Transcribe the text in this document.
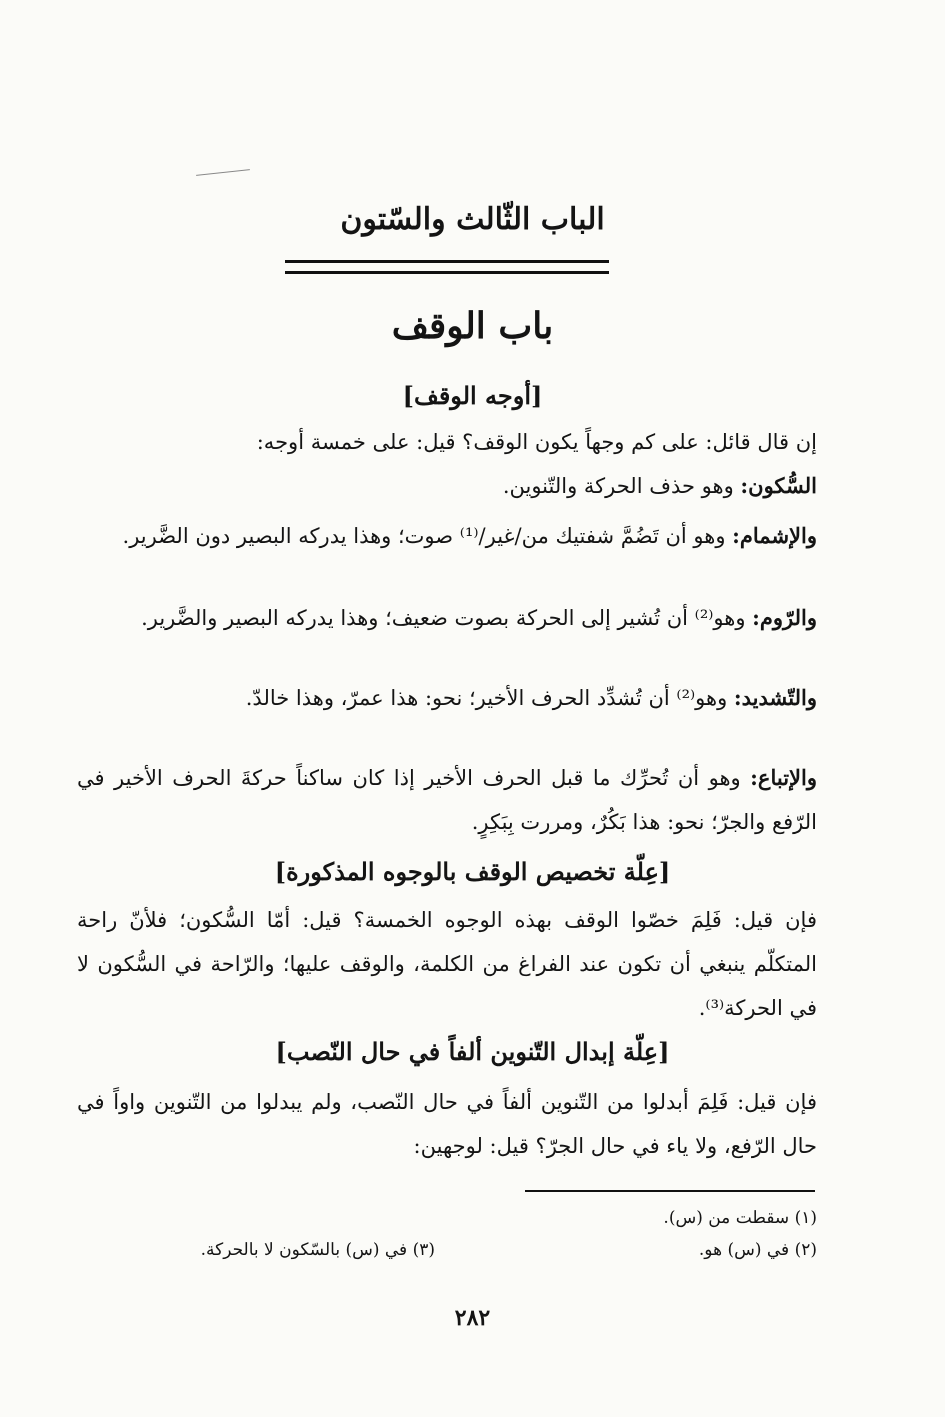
الباب الثّالث والسّتون
باب الوقف
[أوجه الوقف]

إن قال قائل: على كم وجهاً يكون الوقف؟ قيل: على خمسة أوجه:

السُّكون: وهو حذف الحركة والتّنوين.

والإشمام: وهو أن تَضُمَّ شفتيك من/غير/⁽¹⁾ صوت؛ وهذا يدركه البصير دون الضَّرير.

والرّوم: وهو⁽²⁾ أن تُشير إلى الحركة بصوت ضعيف؛ وهذا يدركه البصير والضَّرير.

والتّشديد: وهو⁽²⁾ أن تُشدِّد الحرف الأخير؛ نحو: هذا عمرّ، وهذا خالدّ.

والإتباع: وهو أن تُحرِّك ما قبل الحرف الأخير إذا كان ساكناً حركةَ الحرف الأخير في الرّفع والجرّ؛ نحو: هذا بَكُرٌ، ومررت بِبَكِرٍ.

[عِلّة تخصيص الوقف بالوجوه المذكورة]

فإن قيل: فَلِمَ خصّوا الوقف بهذه الوجوه الخمسة؟ قيل: أمّا السُّكون؛ فلأنّ راحة المتكلّم ينبغي أن تكون عند الفراغ من الكلمة، والوقف عليها؛ والرّاحة في السُّكون لا في الحركة⁽³⁾.

[عِلّة إبدال التّنوين ألفاً في حال النّصب]

فإن قيل: فَلِمَ أبدلوا من التّنوين ألفاً في حال النّصب، ولم يبدلوا من التّنوين واواً في حال الرّفع، ولا ياء في حال الجرّ؟ قيل: لوجهين:

(١) سقطت من (س).
(٢) في (س) هو.
(٣) في (س) بالسّكون لا بالحركة.
٢٨٢
